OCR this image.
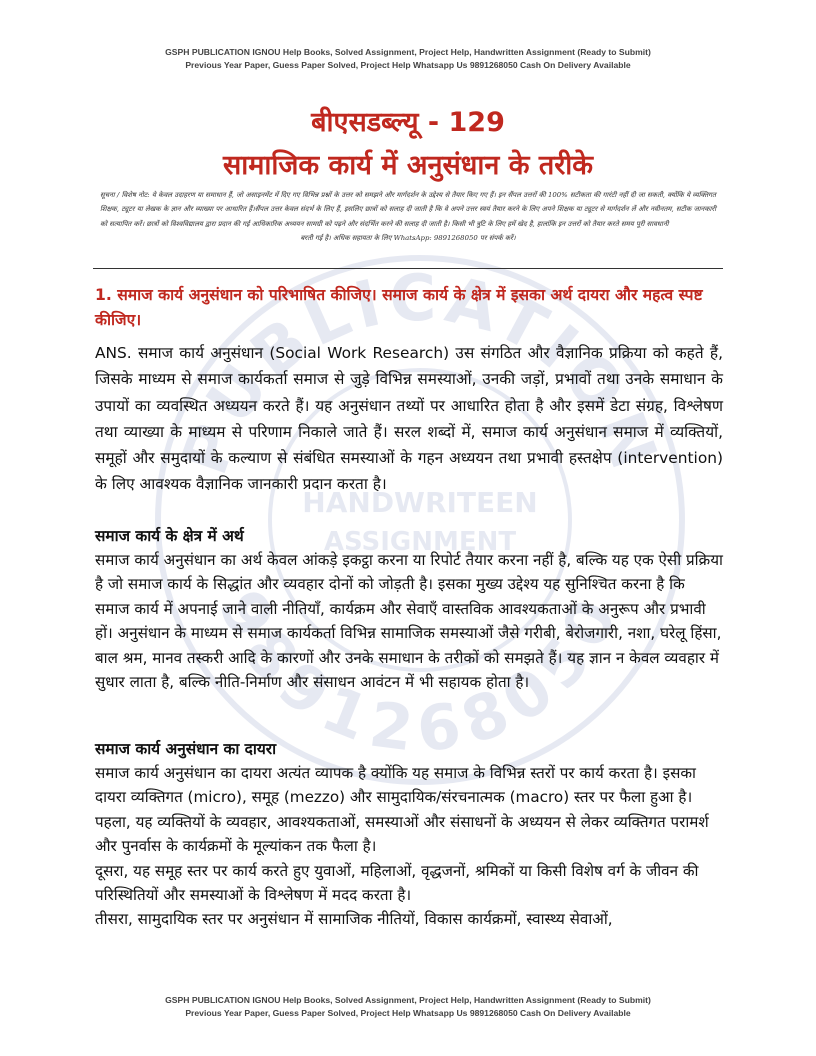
PUBLICATION
9891268050
HANDWRITEEN
ASSIGNMENT
GSPH PUBLICATION IGNOU Help Books, Solved Assignment, Project Help, Handwritten Assignment (Ready to Submit)
Previous Year Paper, Guess Paper Solved, Project Help Whatsapp Us 9891268050 Cash On Delivery Available
बीएसडब्ल्यू - 129
सामाजिक कार्य में अनुसंधान के तरीके
सूचना / विशेष नोट: ये केवल उदाहरण या समाधान हैं, जो असाइनमेंट में दिए गए विभिन्न प्रश्नों के उत्तर को समझने और मार्गदर्शन के उद्देश्य से तैयार किए गए हैं। इन सैंपल उत्तरों की 100% सटीकता की गारंटी नहीं दी जा सकती, क्योंकि ये व्यक्तिगत शिक्षक, ट्यूटर या लेखक के ज्ञान और व्याख्या पर आधारित हैं।सैंपल उत्तर केवल संदर्भ के लिए हैं, इसलिए छात्रों को सलाह दी जाती है कि वे अपने उत्तर स्वयं तैयार करने के लिए अपने शिक्षक या ट्यूटर से मार्गदर्शन लें और नवीनतम, सटीक जानकारी को सत्यापित करें। छात्रों को विश्वविद्यालय द्वारा प्रदान की गई आधिकारिक अध्ययन सामग्री को पढ़ने और संदर्भित करने की सलाह दी जाती है। किसी भी त्रुटि के लिए हमें खेद है, हालांकि इन उत्तरों को तैयार करते समय पूरी सावधानी
बरती गई है। अधिक सहायता के लिए WhatsApp: 9891268050 पर संपर्क करें।
1. समाज कार्य अनुसंधान को परिभाषित कीजिए। समाज कार्य के क्षेत्र में इसका अर्थ दायरा और महत्व स्पष्ट कीजिए।
ANS. समाज कार्य अनुसंधान (Social Work Research) उस संगठित और वैज्ञानिक प्रक्रिया को कहते हैं, जिसके माध्यम से समाज कार्यकर्ता समाज से जुड़े विभिन्न समस्याओं, उनकी जड़ों, प्रभावों तथा उनके समाधान के उपायों का व्यवस्थित अध्ययन करते हैं। यह अनुसंधान तथ्यों पर आधारित होता है और इसमें डेटा संग्रह, विश्लेषण तथा व्याख्या के माध्यम से परिणाम निकाले जाते हैं। सरल शब्दों में, समाज कार्य अनुसंधान समाज में व्यक्तियों, समूहों और समुदायों के कल्याण से संबंधित समस्याओं के गहन अध्ययन तथा प्रभावी हस्तक्षेप (intervention) के लिए आवश्यक वैज्ञानिक जानकारी प्रदान करता है।
समाज कार्य के क्षेत्र में अर्थ
समाज कार्य अनुसंधान का अर्थ केवल आंकड़े इकट्ठा करना या रिपोर्ट तैयार करना नहीं है, बल्कि यह एक ऐसी प्रक्रिया है जो समाज कार्य के सिद्धांत और व्यवहार दोनों को जोड़ती है। इसका मुख्य उद्देश्य यह सुनिश्चित करना है कि समाज कार्य में अपनाई जाने वाली नीतियाँ, कार्यक्रम और सेवाएँ वास्तविक आवश्यकताओं के अनुरूप और प्रभावी हों। अनुसंधान के माध्यम से समाज कार्यकर्ता विभिन्न सामाजिक समस्याओं जैसे गरीबी, बेरोजगारी, नशा, घरेलू हिंसा, बाल श्रम, मानव तस्करी आदि के कारणों और उनके समाधान के तरीकों को समझते हैं। यह ज्ञान न केवल व्यवहार में सुधार लाता है, बल्कि नीति-निर्माण और संसाधन आवंटन में भी सहायक होता है।
समाज कार्य अनुसंधान का दायरा

समाज कार्य अनुसंधान का दायरा अत्यंत व्यापक है क्योंकि यह समाज के विभिन्न स्तरों पर कार्य करता है। इसका दायरा व्यक्तिगत (micro), समूह (mezzo) और सामुदायिक/संरचनात्मक (macro) स्तर पर फैला हुआ है।

पहला, यह व्यक्तियों के व्यवहार, आवश्यकताओं, समस्याओं और संसाधनों के अध्ययन से लेकर व्यक्तिगत परामर्श और पुनर्वास के कार्यक्रमों के मूल्यांकन तक फैला है।

दूसरा, यह समूह स्तर पर कार्य करते हुए युवाओं, महिलाओं, वृद्धजनों, श्रमिकों या किसी विशेष वर्ग के जीवन की परिस्थितियों और समस्याओं के विश्लेषण में मदद करता है।

तीसरा, सामुदायिक स्तर पर अनुसंधान में सामाजिक नीतियों, विकास कार्यक्रमों, स्वास्थ्य सेवाओं,

GSPH PUBLICATION IGNOU Help Books, Solved Assignment, Project Help, Handwritten Assignment (Ready to Submit)
Previous Year Paper, Guess Paper Solved, Project Help Whatsapp Us 9891268050 Cash On Delivery Available
